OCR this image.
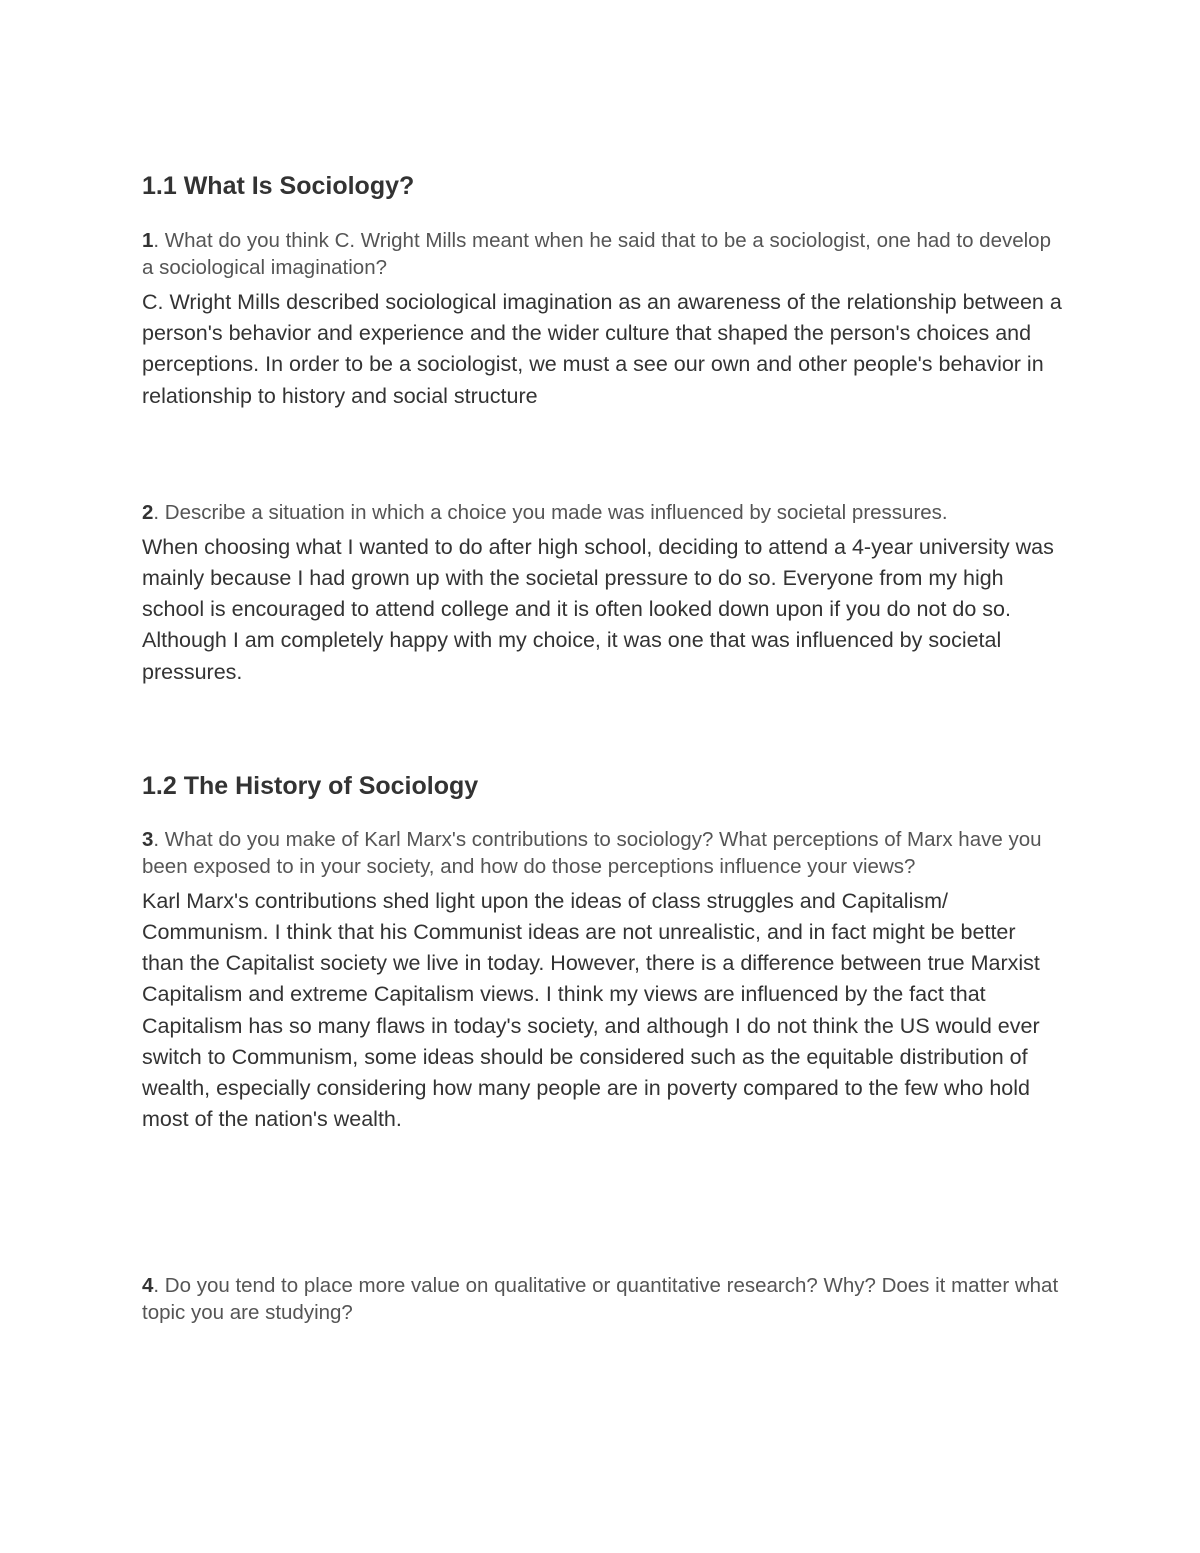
1.1 What Is Sociology?

1. What do you think C. Wright Mills meant when he said that to be a sociologist, one had to develop a sociological imagination?

C. Wright Mills described sociological imagination as an awareness of the relationship between a person's behavior and experience and the wider culture that shaped the person's choices and perceptions. In order to be a sociologist, we must a see our own and other people's behavior in relationship to history and social structure

2. Describe a situation in which a choice you made was influenced by societal pressures.

When choosing what I wanted to do after high school, deciding to attend a 4-year university was mainly because I had grown up with the societal pressure to do so. Everyone from my high school is encouraged to attend college and it is often looked down upon if you do not do so. Although I am completely happy with my choice, it was one that was influenced by societal pressures.

1.2 The History of Sociology

3. What do you make of Karl Marx's contributions to sociology? What perceptions of Marx have you been exposed to in your society, and how do those perceptions influence your views?

Karl Marx's contributions shed light upon the ideas of class struggles and Capitalism/ Communism. I think that his Communist ideas are not unrealistic, and in fact might be better than the Capitalist society we live in today. However, there is a difference between true Marxist Capitalism and extreme Capitalism views. I think my views are influenced by the fact that Capitalism has so many flaws in today's society, and although I do not think the US would ever switch to Communism, some ideas should be considered such as the equitable distribution of wealth, especially considering how many people are in poverty compared to the few who hold most of the nation's wealth.

4. Do you tend to place more value on qualitative or quantitative research? Why? Does it matter what topic you are studying?
